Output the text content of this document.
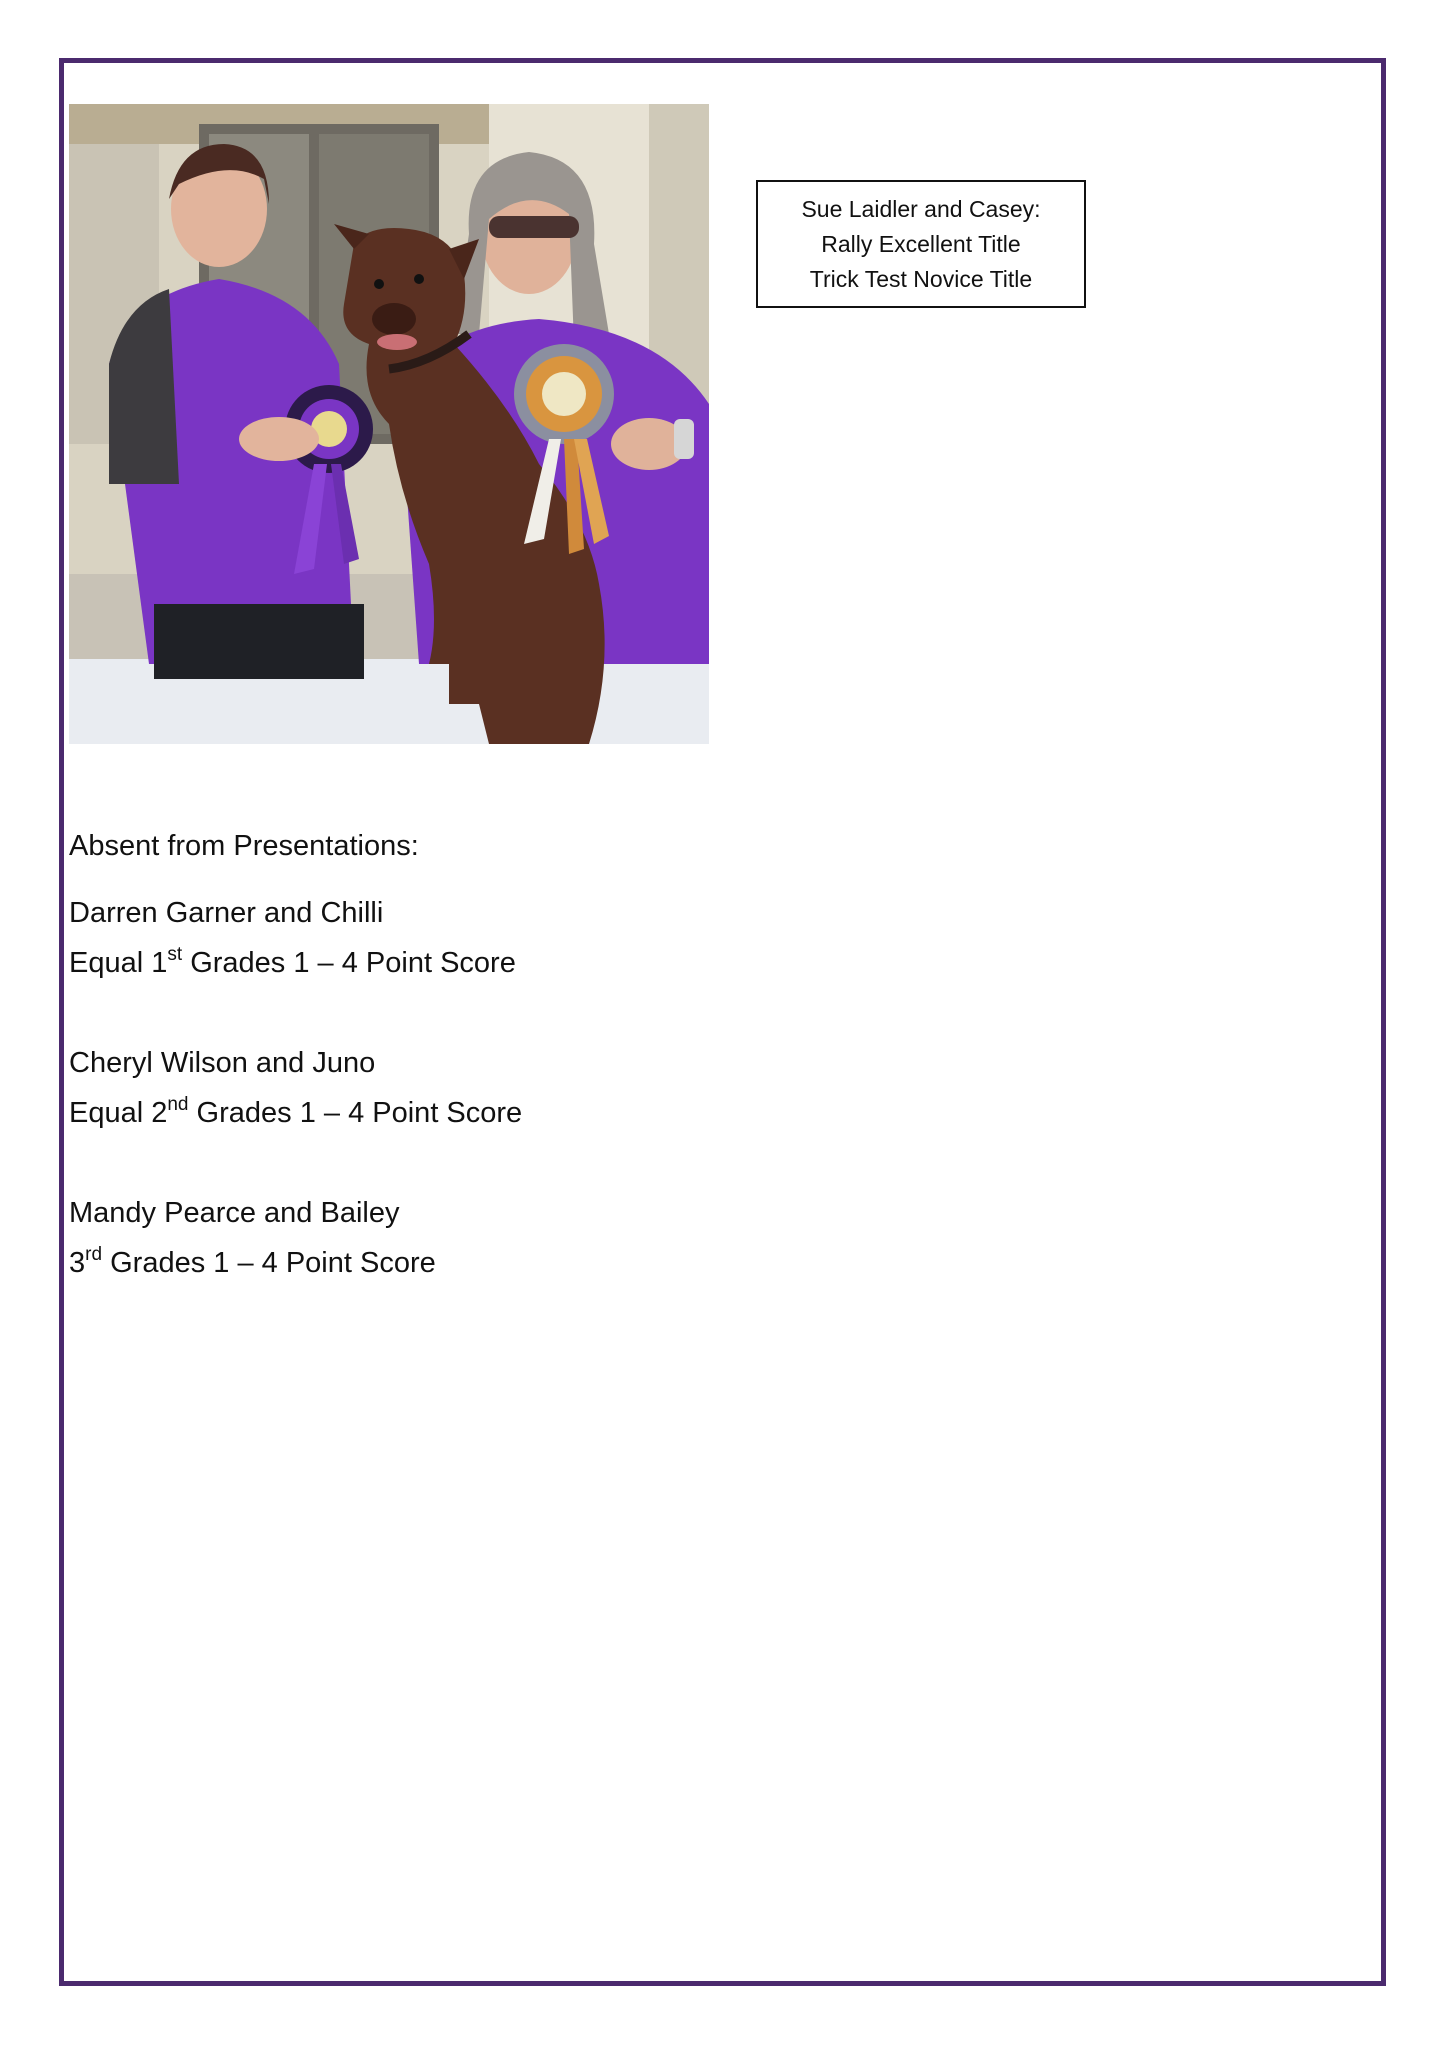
Sue Laidler and Casey:
Rally Excellent Title
Trick Test Novice Title
Absent from Presentations:
Darren Garner and Chilli
Equal 1st Grades 1 – 4 Point Score
Cheryl Wilson and Juno
Equal 2nd Grades 1 – 4 Point Score
Mandy Pearce and Bailey
3rd Grades 1 – 4 Point Score
